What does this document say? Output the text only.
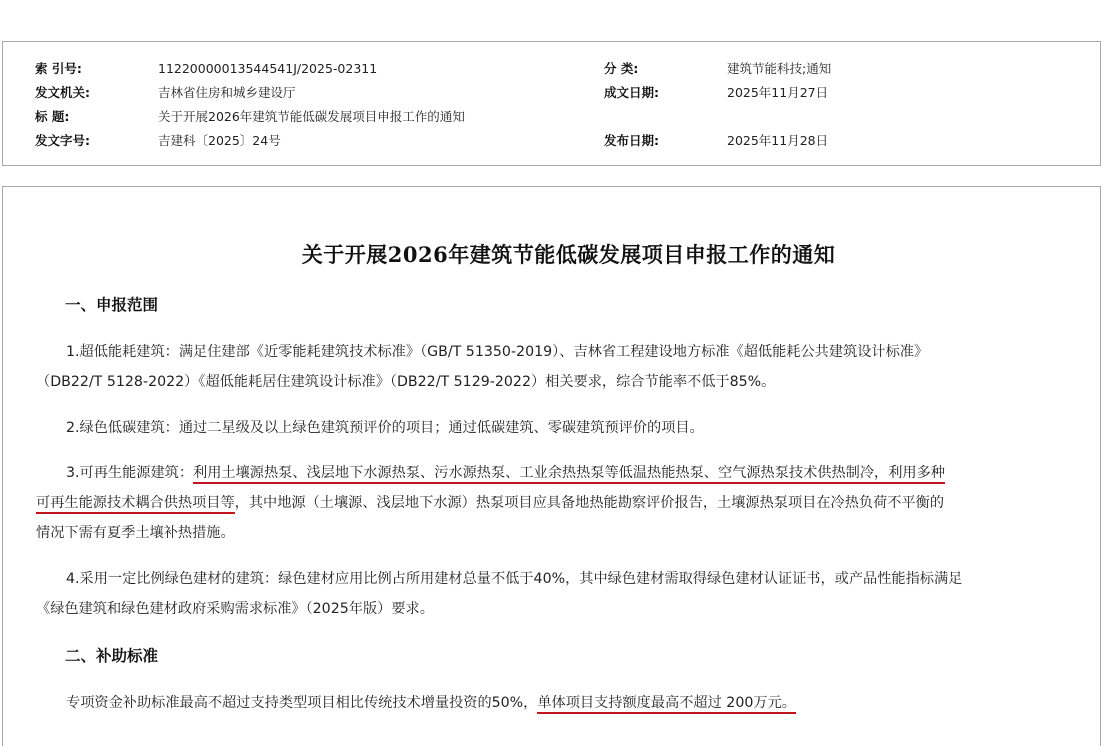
索 引号:	11220000013544541J/2025-02311	分 类:	建筑节能科技;通知
发文机关:	吉林省住房和城乡建设厅	成文日期:	2025年11月27日
标 题:	关于开展2026年建筑节能低碳发展项目申报工作的通知
发文字号:	吉建科〔2025〕24号	发布日期:	2025年11月28日
关于开展2026年建筑节能低碳发展项目申报工作的通知
一、申报范围
1.超低能耗建筑：满足住建部《近零能耗建筑技术标准》（GB/T 51350-2019）、吉林省工程建设地方标准《超低能耗公共建筑设计标准》
（DB22/T 5128-2022）《超低能耗居住建筑设计标准》（DB22/T 5129-2022）相关要求，综合节能率不低于85%。
2.绿色低碳建筑：通过二星级及以上绿色建筑预评价的项目；通过低碳建筑、零碳建筑预评价的项目。
3.可再生能源建筑：利用土壤源热泵、浅层地下水源热泵、污水源热泵、工业余热热泵等低温热能热泵、空气源热泵技术供热制冷，利用多种
可再生能源技术耦合供热项目等，其中地源（土壤源、浅层地下水源）热泵项目应具备地热能勘察评价报告，土壤源热泵项目在冷热负荷不平衡的
情况下需有夏季土壤补热措施。
4.采用一定比例绿色建材的建筑：绿色建材应用比例占所用建材总量不低于40%，其中绿色建材需取得绿色建材认证证书，或产品性能指标满足
《绿色建筑和绿色建材政府采购需求标准》（2025年版）要求。
二、补助标准
专项资金补助标准最高不超过支持类型项目相比传统技术增量投资的50%，单体项目支持额度最高不超过 200万元。
